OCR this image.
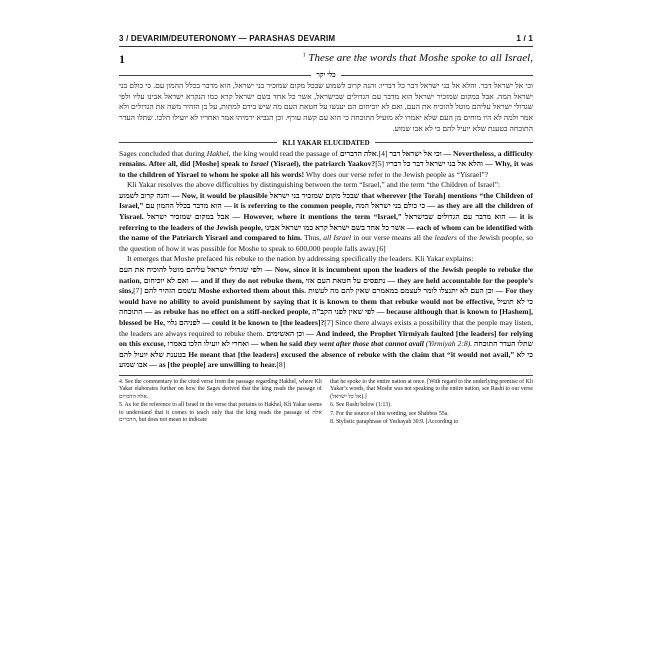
3 / DEVARIM/DEUTERONOMY — PARASHAS DEVARIM	1 / 1
1	$^1$ These are the words that Moshe spoke to all Israel,
כלי יקר
וכי אל ישראל דבר. והלא אל בני ישראל דבר כל דבריו: והנה קרוב לשמוע שבכל מקום שמזכיר בני ישראל, הוא מדבר בכלל ההמון עם. כי כולם בני ישראל המה. אבל במקום שמזכיר ישראל הוא מדבר עם הגדולים שבישראל, אשר כל אחד בשם ישראל קרא כמו הנקרא ישראל אבינו עליו ולפי שגדולי ישראל עליהם מוטל להוכיח את העם, ואם לא יוכיחום הם יענשו על חטאת העם מה שיש בידם למחות, על כן הזהיר משה את הגדולים ולא אמר ולמה לא היו מוחים מן העם שלא יאמרו לא מועיל התוכחה כי הוא עם קשה עורף. וכן הנביא ירמיהו אמר ואחריו לא יועילו הלכו. שתלו העדר התוכחה בטענת שלא יועיל להם כי לא אבו שמוע.
KLI YAKAR ELUCIDATED

Sages concluded that during Hakhel, the king would read the passage of אלה הדברים.[4] וכי אל ישראל דבר — Nevertheless, a difficulty remains. After all, did [Moshe] speak to Israel (Yisrael), the patriarch Yaakov?[5] והלא אל בני ישראל דבר כל דבריו — Why, it was to the children of Yisrael to whom he spoke all his words! Why does our verse refer to the Jewish people as “Yisrael”?

Kli Yakar resolves the above difficulties by distinguishing between the term “Israel,” and the term “the Children of Israel”:

והנה קרוב לשמוע — Now, it would be plausible שבכל מקום שמזכיר בני ישראל that wherever [the Torah] mentions “the Children of Israel,” הוא מדבר בכלל ההמון עם — it is referring to the common people, כי כולם בני ישראל המה — as they are all the children of Yisrael. אבל במקום שמזכיר ישראל — However, where it mentions the term “Israel,” הוא מדבר עם הגדולים שבישראל — it is referring to the leaders of the Jewish people, אשר כל אחד בשם ישראל קרא כמו ישראל אבינו — each of whom can be identified with the name of the Patriarch Yisrael and compared to him. Thus, all Israel in our verse means all the leaders of the Jewish people, so the question of how it was possible for Moshe to speak to 600,000 people falls away.[6]

It emerges that Moshe prefaced his rebuke to the nation by addressing specifically the leaders. Kli Yakar explains:

ולפי שגדולי ישראל עליהם מוטל להוכיח את העם — Now, since it is incumbent upon the leaders of the Jewish people to rebuke the nation, ואם לא יוכיחום — and if they do not rebuke them, אזי נתפסים על חטאת העם — they are held accountable for the people’s sins,[7] עשמם הזהיר להם Moshe exhorted them about this. וכן העם לא יתנצלו לומר לעצמם במאמרם שאין להם מה לעשות — For they would have no ability to avoid punishment by saying that it is known to them that rebuke would not be effective, כי לא תועיל התוכחה — as rebuke has no effect on a stiff-necked people, לפי שאין לפני הקב”ה — because although that is known to [Hashem], blessed be He, לפניהם גלוי — could it be known to [the leaders]?[7] Since there always exists a possibility that the people may listen, the leaders are always required to rebuke them. וכן האשימים — And indeed, the Prophet Yirmiyah faulted [the leaders] for relying on this excuse, באמרו ואחרי לא יועילו הלכו — when he said they went after those that cannot avail (Yirmiyah 2:8). שתלו העדר התוכחה בטענת שלא יועיל להם He meant that [the leaders] excused the absence of rebuke with the claim that “it would not avail,” כי לא אבו שמוע — as [the people] are unwilling to hear.[8]

4. See the commentary to the cited verse from the passage regarding Hakhel, where Kli Yakar elaborates further on how the Sages derived that the king reads the passage of אלה הדברים.

5. As for the reference to all Israel in the verse that pertains to Hakhel, Kli Yakar seems to understand that it comes to teach only that the king reads the passage of אלה הדברים, but does not mean to indicate

that he spoke to the entire nation at once. [With regard to the underlying premise of Kli Yakar’s words, that Moshe was not speaking to the entire nation, see Rashi to our verse (אל כל ישראל).]

6. See Rashi below (1:13).

7. For the source of this wording, see Shabbos 55a.

8. Stylistic paraphrase of Yeshayah 30:9. [According to
